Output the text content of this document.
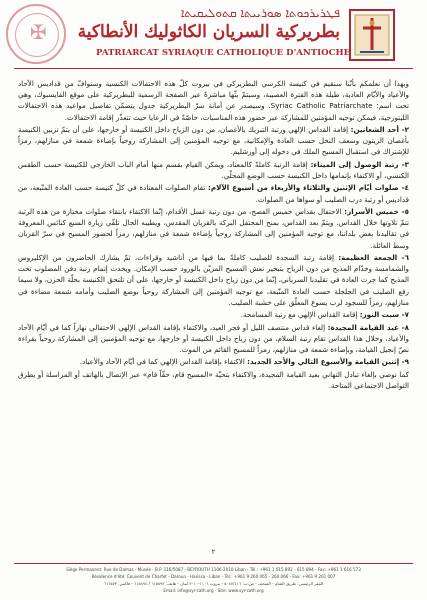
✠
ܦܛܪܝܪܟܘܬܐ ܣܘܪܝܝܬܐ ܩܬܘܠܝܩܝܬܐ
بطريركية السريان الكاثوليك الأنطاكية
PATRIARCAT SYRIAQUE CATHOLIQUE D'ANTIOCHE

وبهذا أن نعلمكم بأنّنا سنقيم في كنيسة الكرسي البطريركي في بيروت كلّ هذه الاحتفالات الكنسية وسنوافّ من قداديس الآحاد والأعياد والأيّام العادية، طيلة هذه الفترة العصيبة، وسيتمّ بثّها مباشرةً عبر الصفحة الرسمية للبطريركية على موقع الفايسبوك، وهي تحت اسم: Syriac Catholic Patriarchate. وسيصدر عن أمانة سرّ البطريركية جدول يتضمّن تفاصيل مواعيد هذه الاحتفالات الليتورجية، فيمكن توجيه المؤمنين للمشاركة عبر حضور هذه المناسبات، خاصّةً في الرعايا حيث تتعذّر إقامة الاحتفالات.

٢- أحد الشعانين: إقامة القداس الإلهي ورتبة التبريك بالأغصان، من دون الزياح داخل الكنيسة أو خارجها، على أن يتمّ تزيين الكنيسة بأغصان الزيتون وسعف النخل حسب العادة والإمكانية، مع توجيه المؤمنين إلى المشاركة روحياً بإضاءة شمعة في منازلهم، رمزاً للإشتراك في استقبال المسيح الملك في دخوله إلى أورشليم.

٣- رتبة الوصول إلى الميناء: إقامة الرتبة كاملةً كالمعتاد، ويمكن القيام بقسم منها أمام الباب الخارجي للكنيسة حسب الطقس الكنسي، أو الاكتفاء بإتمامها داخل الكنيسة حسب الوضع المحلّي.

٤- صلوات أيّام الإثنين والثلاثاء والأربعاء من أسبوع الآلام: تقام الصلوات المعتادة في كلّ كنيسة حسب العادة المتّبعة، من قداديس أو رتبة درب الصليب أو سواها من الصلوات.

٥- خميس الأسرار: الاحتفال بقداس خميس الفصح، من دون رتبة غسل الأقدام، إنّما الاكتفاء بانتقاء صلوات مختارة من هذه الرتبة تتمّ تلاوتها خلال القداس. ويتمّ بعد القداس، بمنح المحتفل البركة بالقربان المقدس، ويطيبه الحال تلقّي زيارة السبع كنائس المعروفة في تقاليدنا بعض بلداننا، مع توجيه المؤمنين إلى المشاركة روحياً بإضاءة شمعة في منازلهم، رمزاً لحضور المسيح في سرّ القربان وسط العائلة.

٦- الجمعة العظيمة: إقامة رتبة السجدة للصليب كاملةً بما فيها من أناشيد وقراءات، ثمّ يشارك الحاضرون من الإكليروس والشمامسة وخدّام المذبح من دون الزياح بتبخير نعش المسيح المزيّن بالورود حسب الإمكان. ويحدث إتمام رتبة دفن المصلوب تحت المذبح كما جرت العادة في تقليدنا السرياني، إنّما من دون زياح داخل الكنيسة أو خارجها، على أن تلتحق الكنيسة بحلّة الحزن، ولا سيما رفع الصليب في الجلجلة حسب العادة المتّبعة، مع توجيه المؤمنين إلى المشاركة روحياً بوضع الصليب وأمامه شمعة مضاءة في منازلهم، رمزاً للسجود لرب يسوع المعلّق على خشبة الصليب.

٧- سبت النور: إقامة القداس الإلهي مع رتبة المسامحة.

٨- عيد القيامة المجيدة: إلغاء قداس منتصف الليل أو فجر العيد، والاكتفاء بإقامة القداس الإلهي الاحتفالي نهاراً كما في أيّام الآحاد والأعياد، وخلال هذا القداس تقام رتبة السلام، من دون زياح داخل الكنيسة أو خارجها، مع توجيه المؤمنين إلى المشاركة روحياً بقراءة نصّ إنجيل القيامة، وبإضاءة شمعة في منازلهم، رمزاً للمسيح القائم من الموت.

٩- إثنين القيامة والأسبوع التالي والأحد الجديد: الاكتفاء بإقامة القداس الإلهي كما في أيّام الآحاد والأعياد.

كما نوصي بإلغاء تبادل التهاني بعيد القيامة المجيدة، والاكتفاء بتحيّة «المسيح قام، حقّاً قام» عبر الإتصال بالهاتف أو المراسلة أو بطرق التواصل الاجتماعي المتاحة.

٢
Siège Permanent: Rue de Damas - Musée - B.P. 116/5087 - BEYROUTH 1106-2010 Liban - Tél.: +961 1 615 892 - 615 894 - Fax: +961 1 616 573
Résidence d'été: Couvent de Charfet - Daroun - Harissa - Liban - Tél.: +961 9 260 065 - 260 066 - Fax: +961 9 261 007
المقر الرئيسي: طريق الشام - المتحف - ص.ب: ٥٠٨٧/١١٦ - بيروت ١١٠٦-٢٠١٠ لبنان - هاتف: ٦١٥٨٩٢ / ٦١٥٨٩٤ - فاكس: ٦١٦٥٧٣
Email: info@syr-cath.org - Site: www.syr-cath.org
